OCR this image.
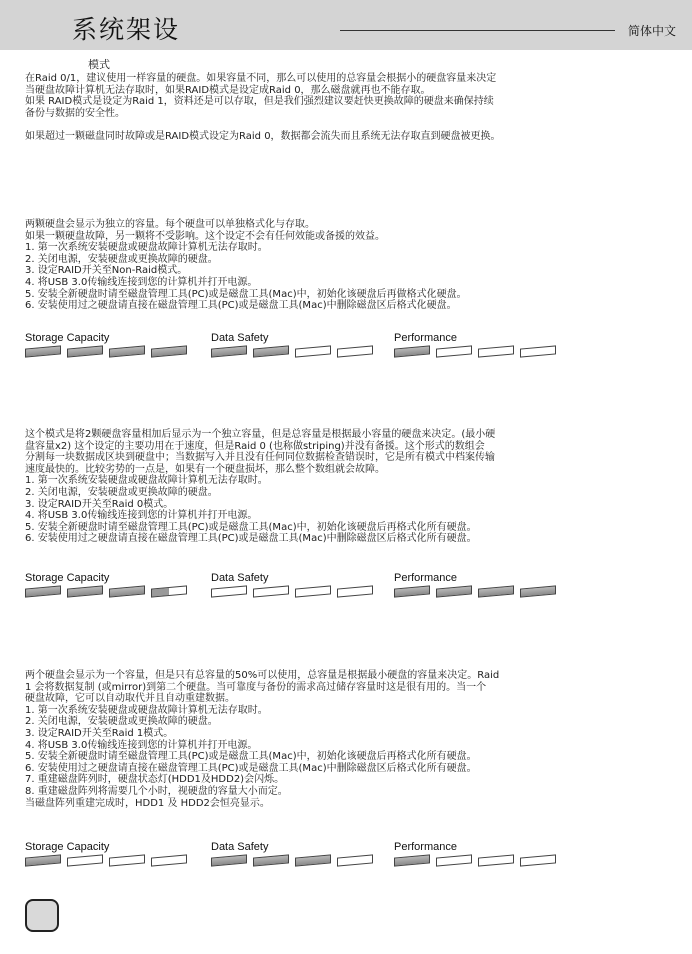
系统架设	简体中文
模式
在Raid 0/1，建议使用一样容量的硬盘。如果容量不同，那么可以使用的总容量会根据小的硬盘容量来决定
当硬盘故障计算机无法存取时，如果RAID模式是设定成Raid 0，那么磁盘就再也不能存取。
如果 RAID模式是设定为Raid 1，资料还是可以存取，但是我们强烈建议要赶快更换故障的硬盘来确保持续
备份与数据的安全性。
如果超过一颗磁盘同时故障或是RAID模式设定为Raid 0，数据都会流失而且系统无法存取直到硬盘被更换。
两颗硬盘会显示为独立的容量。每个硬盘可以单独格式化与存取。
如果一颗硬盘故障，另一颗将不受影响。这个设定不会有任何效能或备援的效益。
1. 第一次系统安装硬盘或硬盘故障计算机无法存取时。
2. 关闭电源，安装硬盘或更换故障的硬盘。
3. 设定RAID开关至Non-Raid模式。
4. 将USB 3.0传输线连接到您的计算机并打开电源。
5. 安装全新硬盘时请至磁盘管理工具(PC)或是磁盘工具(Mac)中，初始化该硬盘后再做格式化硬盘。
6. 安装使用过之硬盘请直接在磁盘管理工具(PC)或是磁盘工具(Mac)中删除磁盘区后格式化硬盘。
Storage Capacity	Data Safety	Performance
这个模式是将2颗硬盘容量相加后显示为一个独立容量，但是总容量是根据最小容量的硬盘来决定。(最小硬
盘容量x2) 这个设定的主要功用在于速度，但是Raid 0 (也称做striping)并没有备援。这个形式的数组会
分割每一块数据成区块到硬盘中；当数据写入并且没有任何同位数据检查错误时，它是所有模式中档案传输
速度最快的。比较劣势的一点是，如果有一个硬盘损坏，那么整个数组就会故障。
1. 第一次系统安装硬盘或硬盘故障计算机无法存取时。
2. 关闭电源，安装硬盘或更换故障的硬盘。
3. 设定RAID开关至Raid 0模式。
4. 将USB 3.0传输线连接到您的计算机并打开电源。
5. 安装全新硬盘时请至磁盘管理工具(PC)或是磁盘工具(Mac)中，初始化该硬盘后再格式化所有硬盘。
6. 安装使用过之硬盘请直接在磁盘管理工具(PC)或是磁盘工具(Mac)中删除磁盘区后格式化所有硬盘。
Storage Capacity	Data Safety	Performance
两个硬盘会显示为一个容量，但是只有总容量的50%可以使用，总容量是根据最小硬盘的容量来决定。Raid
1 会将数据复制 (或mirror)到第二个硬盘。当可靠度与备份的需求高过储存容量时这是很有用的。当一个
硬盘故障，它可以自动取代并且自动重建数据。
1. 第一次系统安装硬盘或硬盘故障计算机无法存取时。
2. 关闭电源，安装硬盘或更换故障的硬盘。
3. 设定RAID开关至Raid 1模式。
4. 将USB 3.0传输线连接到您的计算机并打开电源。
5. 安装全新硬盘时请至磁盘管理工具(PC)或是磁盘工具(Mac)中，初始化该硬盘后再格式化所有硬盘。
6. 安装使用过之硬盘请直接在磁盘管理工具(PC)或是磁盘工具(Mac)中删除磁盘区后格式化所有硬盘。
7. 重建磁盘阵列时，硬盘状态灯(HDD1及HDD2)会闪烁。
8. 重建磁盘阵列将需要几个小时，视硬盘的容量大小而定。
当磁盘阵列重建完成时，HDD1 及 HDD2会恒亮显示。
Storage Capacity	Data Safety	Performance
